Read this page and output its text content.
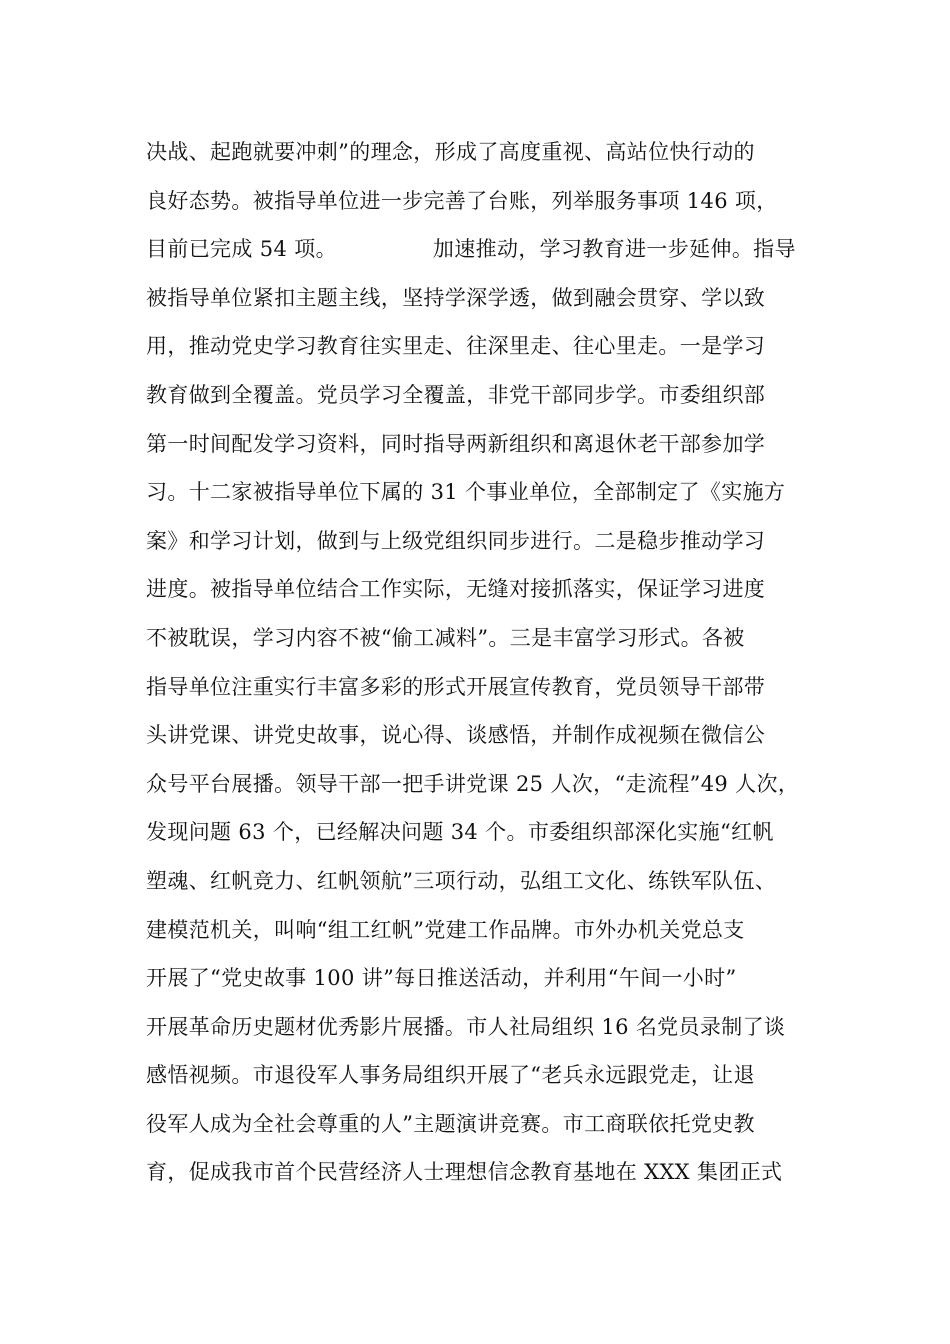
决战、起跑就要冲刺”的理念，形成了高度重视、高站位快行动的
良好态势。被指导单位进一步完善了台账，列举服务事项 146 项，
目前已完成 54 项。	加速推动，学习教育进一步延伸。指导
被指导单位紧扣主题主线，坚持学深学透，做到融会贯穿、学以致
用，推动党史学习教育往实里走、往深里走、往心里走。一是学习
教育做到全覆盖。党员学习全覆盖，非党干部同步学。市委组织部
第一时间配发学习资料，同时指导两新组织和离退休老干部参加学
习。十二家被指导单位下属的 31 个事业单位，全部制定了《实施方
案》和学习计划，做到与上级党组织同步进行。二是稳步推动学习
进度。被指导单位结合工作实际，无缝对接抓落实，保证学习进度
不被耽误，学习内容不被“偷工减料”。三是丰富学习形式。各被
指导单位注重实行丰富多彩的形式开展宣传教育，党员领导干部带
头讲党课、讲党史故事，说心得、谈感悟，并制作成视频在微信公
众号平台展播。领导干部一把手讲党课 25 人次，“走流程”49 人次，
发现问题 63 个，已经解决问题 34 个。市委组织部深化实施“红帆
塑魂、红帆竞力、红帆领航”三项行动，弘组工文化、练铁军队伍、
建模范机关，叫响“组工红帆”党建工作品牌。市外办机关党总支
开展了“党史故事 100 讲”每日推送活动，并利用“午间一小时”
开展革命历史题材优秀影片展播。市人社局组织 16 名党员录制了谈
感悟视频。市退役军人事务局组织开展了“老兵永远跟党走，让退
役军人成为全社会尊重的人”主题演讲竞赛。市工商联依托党史教
育，促成我市首个民营经济人士理想信念教育基地在 XXX 集团正式
